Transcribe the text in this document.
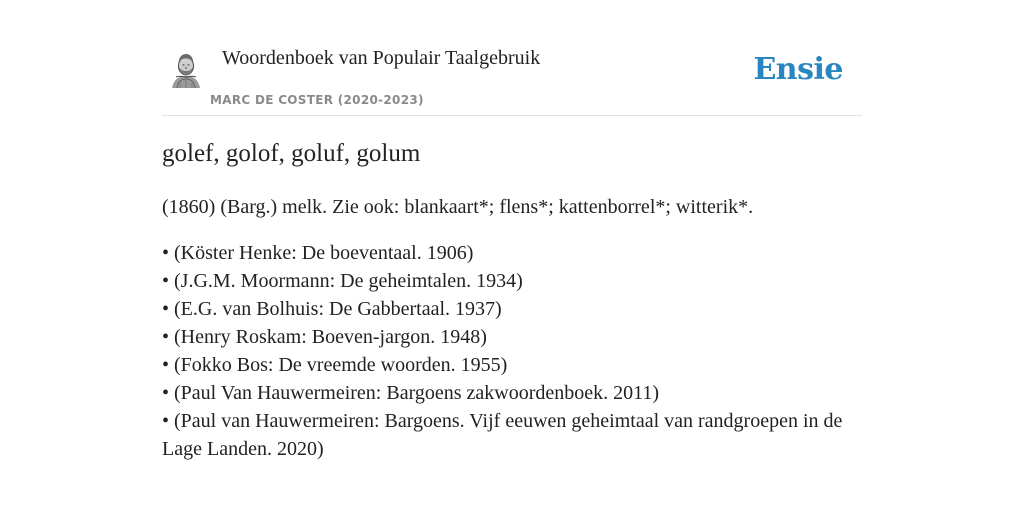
Woordenboek van Populair Taalgebruik
MARC DE COSTER (2020-2023)
Ensie
golef, golof, goluf, golum

(1860) (Barg.) melk. Zie ook: blankaart*; flens*; kattenborrel*; witterik*.

• (Köster Henke: De boeventaal. 1906)
• (J.G.M. Moormann: De geheimtalen. 1934)
• (E.G. van Bolhuis: De Gabbertaal. 1937)
• (Henry Roskam: Boeven-jargon. 1948)
• (Fokko Bos: De vreemde woorden. 1955)
• (Paul Van Hauwermeiren: Bargoens zakwoordenboek. 2011)
• (Paul van Hauwermeiren: Bargoens. Vijf eeuwen geheimtaal van randgroepen in de Lage Landen. 2020)
